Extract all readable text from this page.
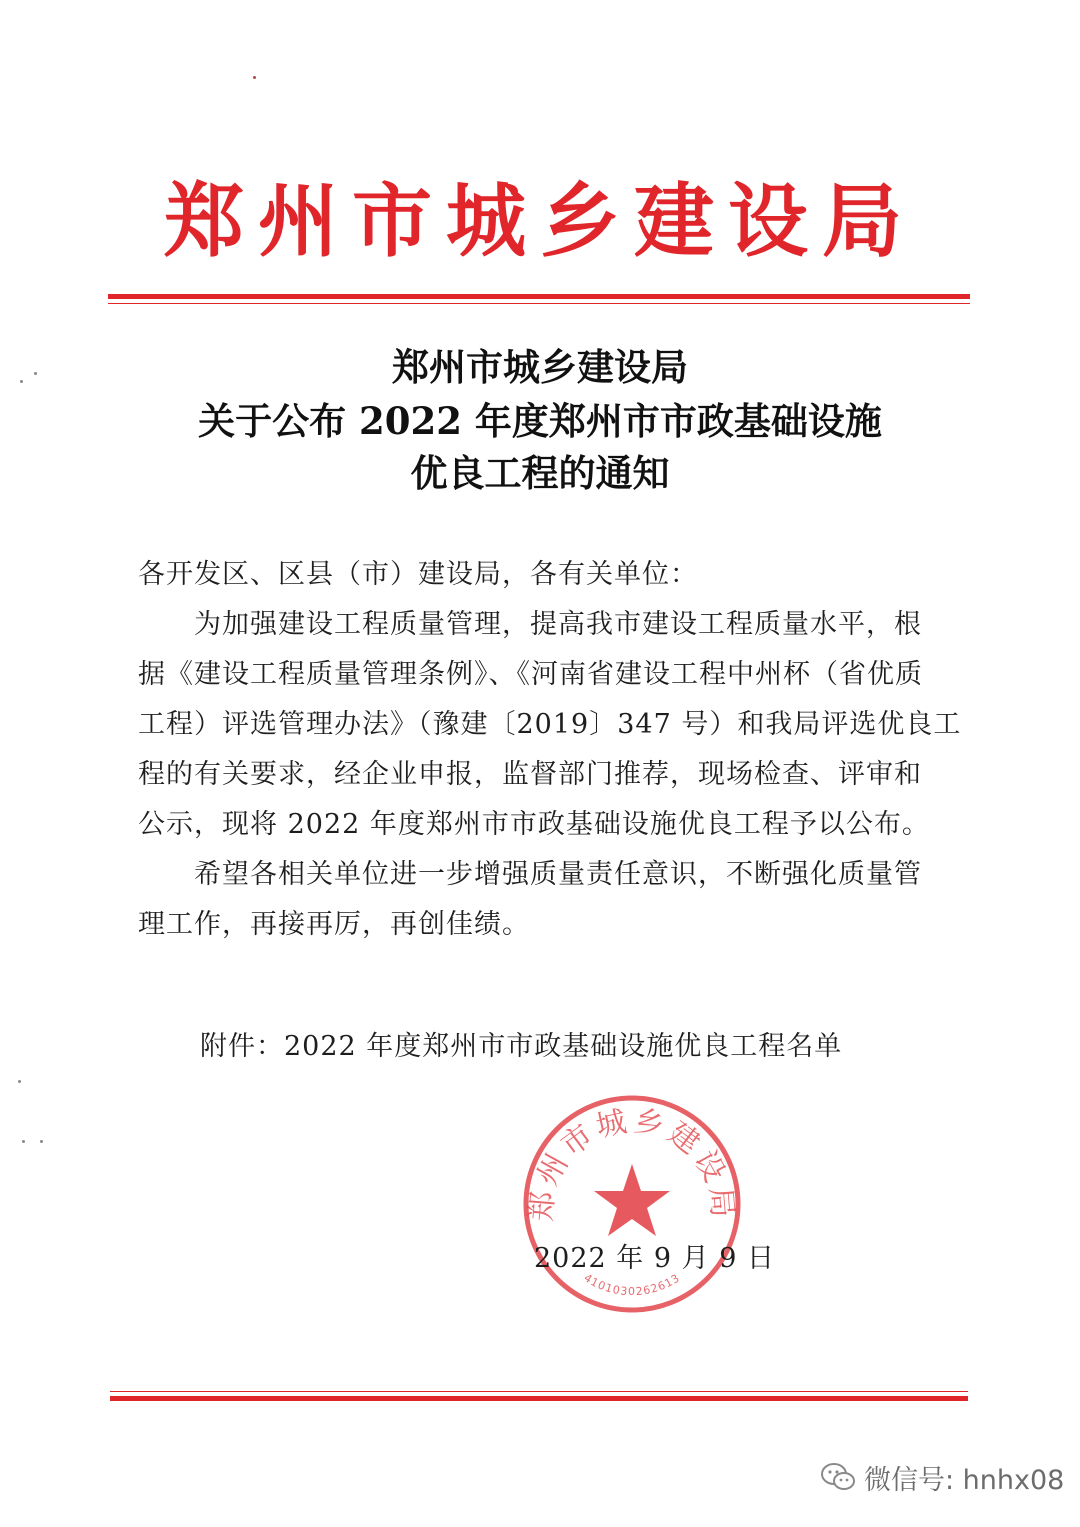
郑州市城乡建设局
郑州市城乡建设局
关于公布 2022 年度郑州市市政基础设施
优良工程的通知
各开发区、区县（市）建设局，各有关单位：
　　为加强建设工程质量管理，提高我市建设工程质量水平，根
据《建设工程质量管理条例》、《河南省建设工程中州杯（省优质
工程）评选管理办法》（豫建〔2019〕347 号）和我局评选优良工
程的有关要求，经企业申报，监督部门推荐，现场检查、评审和
公示，现将 2022 年度郑州市市政基础设施优良工程予以公布。
　　希望各相关单位进一步增强质量责任意识，不断强化质量管
理工作，再接再厉，再创佳绩。
附件：2022 年度郑州市市政基础设施优良工程名单
郑州市城乡建设局
4101030262613
2022 年 9 月 9 日
微信号: hnhx08
